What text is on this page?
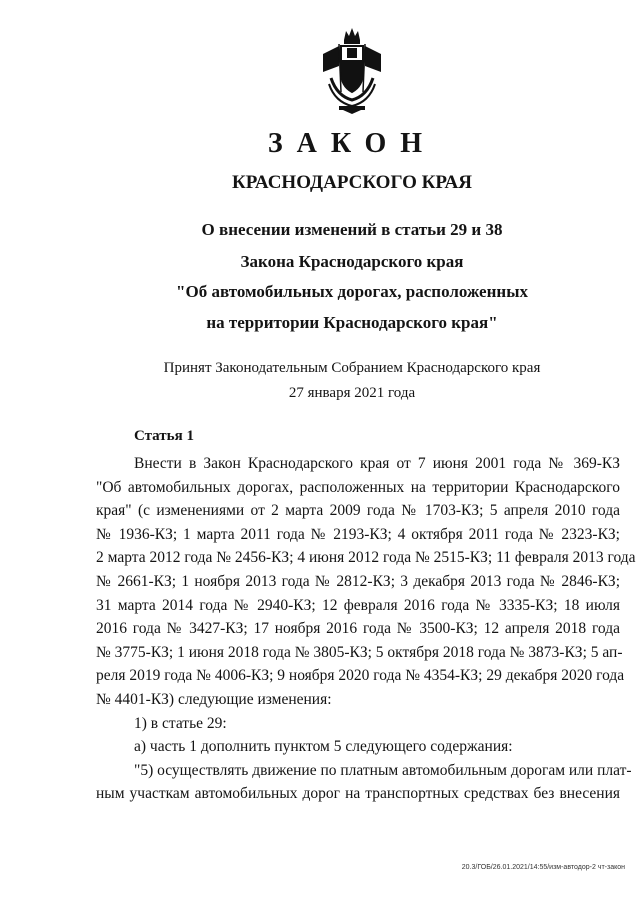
ЗАКОН
КРАСНОДАРСКОГО КРАЯ
О внесении изменений в статьи 29 и 38
Закона Краснодарского края
"Об автомобильных дорогах, расположенных
на территории Краснодарского края"
Принят Законодательным Собранием Краснодарского края
27 января 2021 года
Статья 1
Внести в Закон Краснодарского края от 7 июня 2001 года № 369-КЗ
"Об автомобильных дорогах, расположенных на территории Краснодарского
края" (с изменениями от 2 марта 2009 года № 1703-КЗ; 5 апреля 2010 года
№ 1936-КЗ; 1 марта 2011 года № 2193-КЗ; 4 октября 2011 года № 2323-КЗ;
2 марта 2012 года № 2456-КЗ; 4 июня 2012 года № 2515-КЗ; 11 февраля 2013 года
№ 2661-КЗ; 1 ноября 2013 года № 2812-КЗ; 3 декабря 2013 года № 2846-КЗ;
31 марта 2014 года № 2940-КЗ; 12 февраля 2016 года № 3335-КЗ; 18 июля
2016 года № 3427-КЗ; 17 ноября 2016 года № 3500-КЗ; 12 апреля 2018 года
№ 3775-КЗ; 1 июня 2018 года № 3805-КЗ; 5 октября 2018 года № 3873-КЗ; 5 ап-
реля 2019 года № 4006-КЗ; 9 ноября 2020 года № 4354-КЗ; 29 декабря 2020 года
№ 4401-КЗ) следующие изменения:
1) в статье 29:
а) часть 1 дополнить пунктом 5 следующего содержания:
"5) осуществлять движение по платным автомобильным дорогам или плат-
ным участкам автомобильных дорог на транспортных средствах без внесения
20.3/ГОБ/26.01.2021/14:55/изм-автодор-2 чт-закон
